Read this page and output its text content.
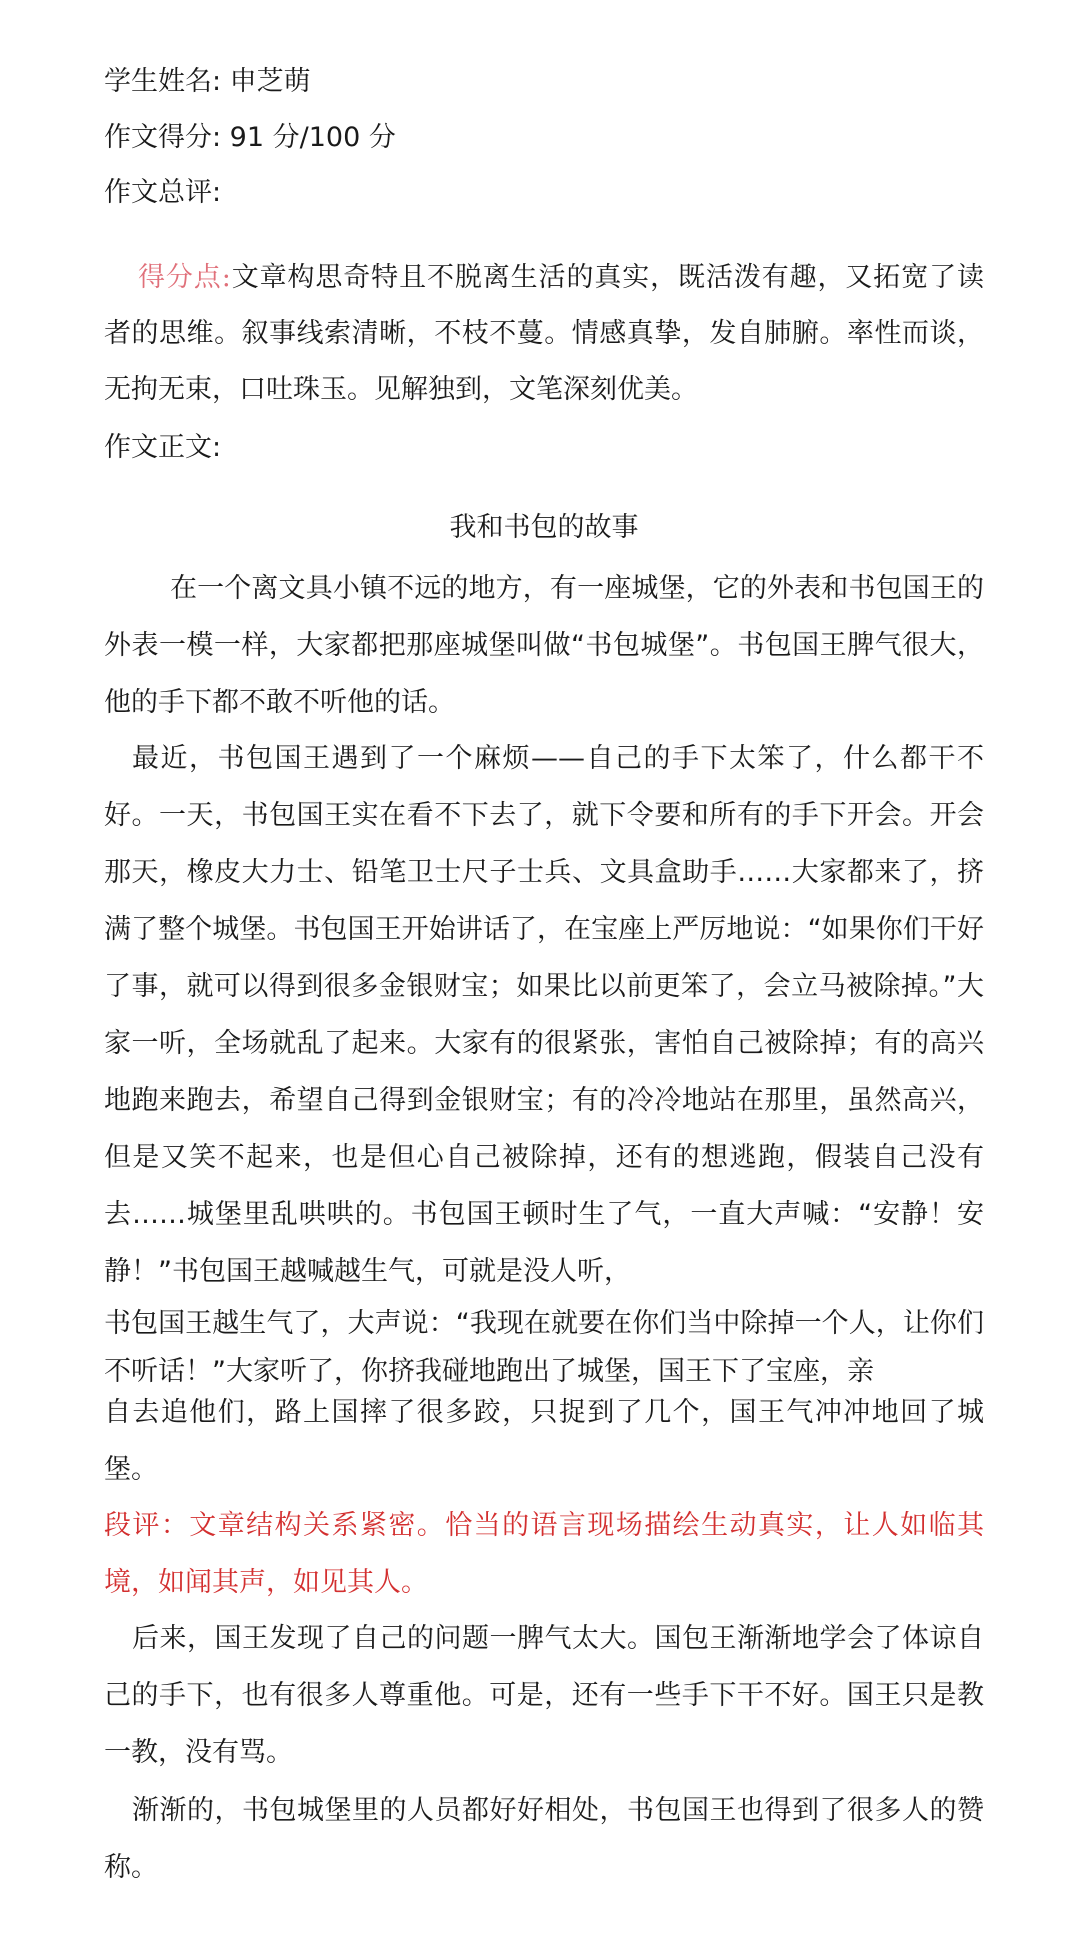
学生姓名: 申芝萌
作文得分: 91 分/100 分
作文总评:
得分点:文章构思奇特且不脱离生活的真实，既活泼有趣，又拓宽了读者的思维。叙事线索清晰，不枝不蔓。情感真挚，发自肺腑。率性而谈，无拘无束，口吐珠玉。见解独到，文笔深刻优美。
作文正文:
我和书包的故事
在一个离文具小镇不远的地方，有一座城堡，它的外表和书包国王的外表一模一样，大家都把那座城堡叫做“书包城堡”。书包国王脾气很大，他的手下都不敢不听他的话。
最近，书包国王遇到了一个麻烦——自己的手下太笨了，什么都干不好。一天，书包国王实在看不下去了，就下令要和所有的手下开会。开会那天，橡皮大力士、铅笔卫士尺子士兵、文具盒助手……大家都来了，挤满了整个城堡。书包国王开始讲话了，在宝座上严厉地说：“如果你们干好了事，就可以得到很多金银财宝；如果比以前更笨了，会立马被除掉。”大家一听，全场就乱了起来。大家有的很紧张，害怕自己被除掉；有的高兴地跑来跑去，希望自己得到金银财宝；有的冷冷地站在那里，虽然高兴，但是又笑不起来，也是但心自己被除掉，还有的想逃跑，假装自己没有去……城堡里乱哄哄的。书包国王顿时生了气，一直大声喊：“安静！安静！”书包国王越喊越生气，可就是没人听，
书包国王越生气了，大声说：“我现在就要在你们当中除掉一个人，让你们不听话！”大家听了，你挤我碰地跑出了城堡，国王下了宝座，亲
自去追他们，路上国摔了很多跤，只捉到了几个，国王气冲冲地回了城堡。
段评：文章结构关系紧密。恰当的语言现场描绘生动真实，让人如临其境，如闻其声，如见其人。
后来，国王发现了自己的问题一脾气太大。国包王渐渐地学会了体谅自己的手下，也有很多人尊重他。可是，还有一些手下干不好。国王只是教一教，没有骂。
渐渐的，书包城堡里的人员都好好相处，书包国王也得到了很多人的赞称。
